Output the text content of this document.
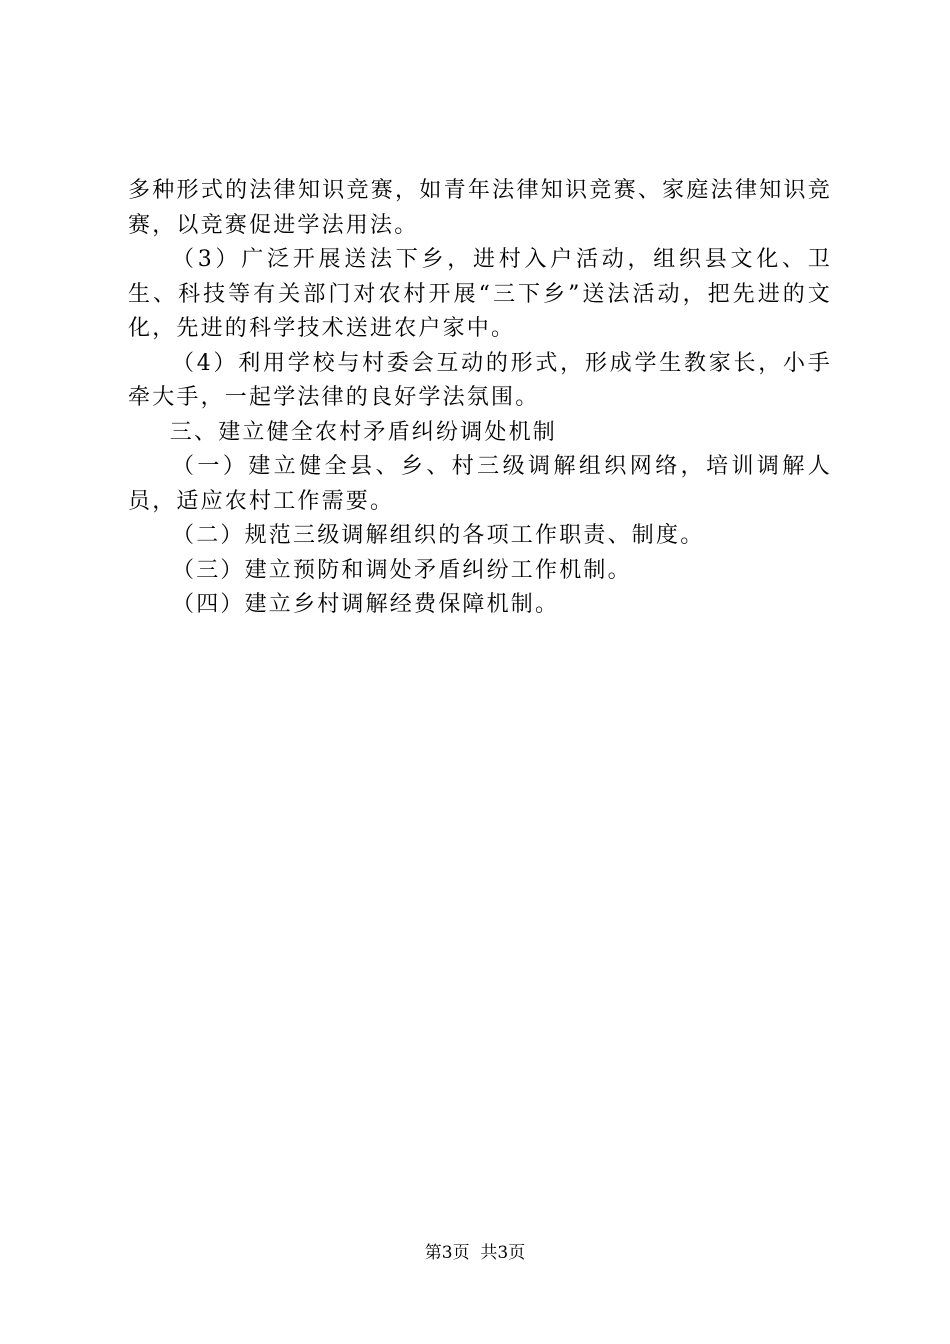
多种形式的法律知识竞赛，如青年法律知识竞赛、家庭法律知识竞赛，以竞赛促进学法用法。

（3）广泛开展送法下乡，进村入户活动，组织县文化、卫生、科技等有关部门对农村开展“三下乡”送法活动，把先进的文化，先进的科学技术送进农户家中。

（4）利用学校与村委会互动的形式，形成学生教家长，小手牵大手，一起学法律的良好学法氛围。

三、建立健全农村矛盾纠纷调处机制

（一）建立健全县、乡、村三级调解组织网络，培训调解人员，适应农村工作需要。

（二）规范三级调解组织的各项工作职责、制度。

（三）建立预防和调处矛盾纠纷工作机制。

（四）建立乡村调解经费保障机制。

第3页  共3页
